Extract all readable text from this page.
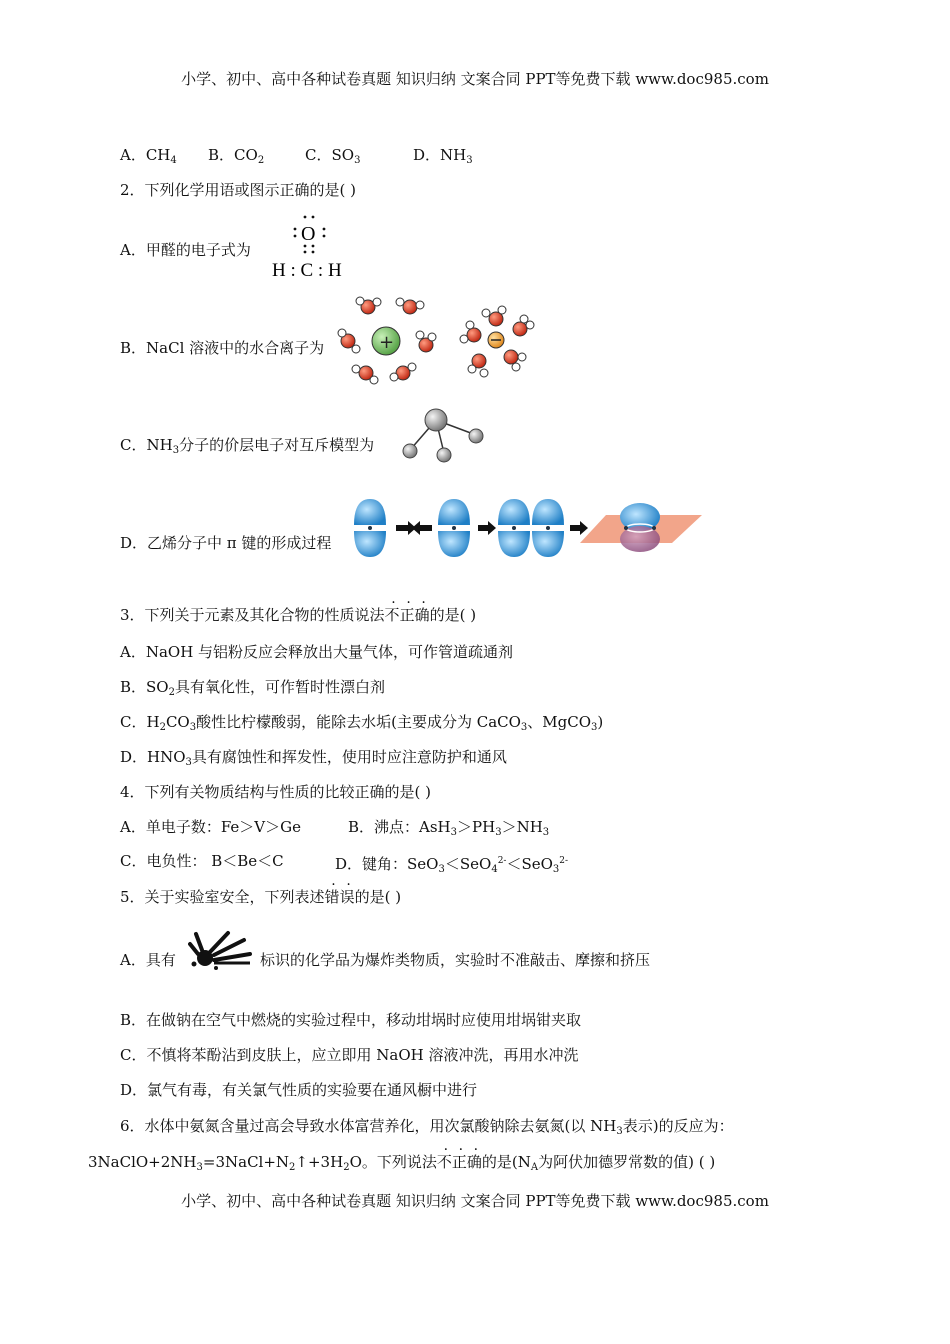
小学、初中、高中各种试卷真题 知识归纳 文案合同 PPT等免费下载 www.doc985.com
A．$CH_4$ B．$CO_2$	C．$SO_3$	D．$NH_3$
2．下列化学用语或图示正确的是( )
A．甲醛的电子式为
O
H : C : H
B．NaCl 溶液中的水合离子为	+
C．$NH_3$分子的价层电子对互斥模型为
D．乙烯分子中 π 键的形成过程
3．下列关于元素及其化合物的性质说法不正确的是( )
A．NaOH 与铝粉反应会释放出大量气体，可作管道疏通剂
B．$SO_2$具有氧化性，可作暂时性漂白剂
C．$H_2CO_3$酸性比柠檬酸弱，能除去水垢(主要成分为 CaCO$_3$、MgCO$_3$)
D．$HNO_3$具有腐蚀性和挥发性，使用时应注意防护和通风
4．下列有关物质结构与性质的比较正确的是( )
A．单电子数：Fe＞V＞Ge	B．沸点：$AsH_3>PH_3>NH_3$
C．电负性： B＜Be＜C	D．键角：SeO$_3$＜SeO$_4^{2-}$＜SeO$_3^{2-}$
5．关于实验室安全，下列表述错误的是( )
A．具有	标识的化学品为爆炸类物质，实验时不准敲击、摩擦和挤压
B．在做钠在空气中燃烧的实验过程中，移动坩埚时应使用坩埚钳夹取
C．不慎将苯酚沾到皮肤上，应立即用 NaOH 溶液冲洗，再用水冲洗
D．氯气有毒，有关氯气性质的实验要在通风橱中进行
6．水体中氨氮含量过高会导致水体富营养化，用次氯酸钠除去氨氮(以 $NH_3$表示)的反应为：
$3NaClO+2NH_3=3NaCl+N_2↑+3H_2O$。下列说法不正确的是($N_A$为阿伏加德罗常数的值) ( )
小学、初中、高中各种试卷真题 知识归纳 文案合同 PPT等免费下载 www.doc985.com
